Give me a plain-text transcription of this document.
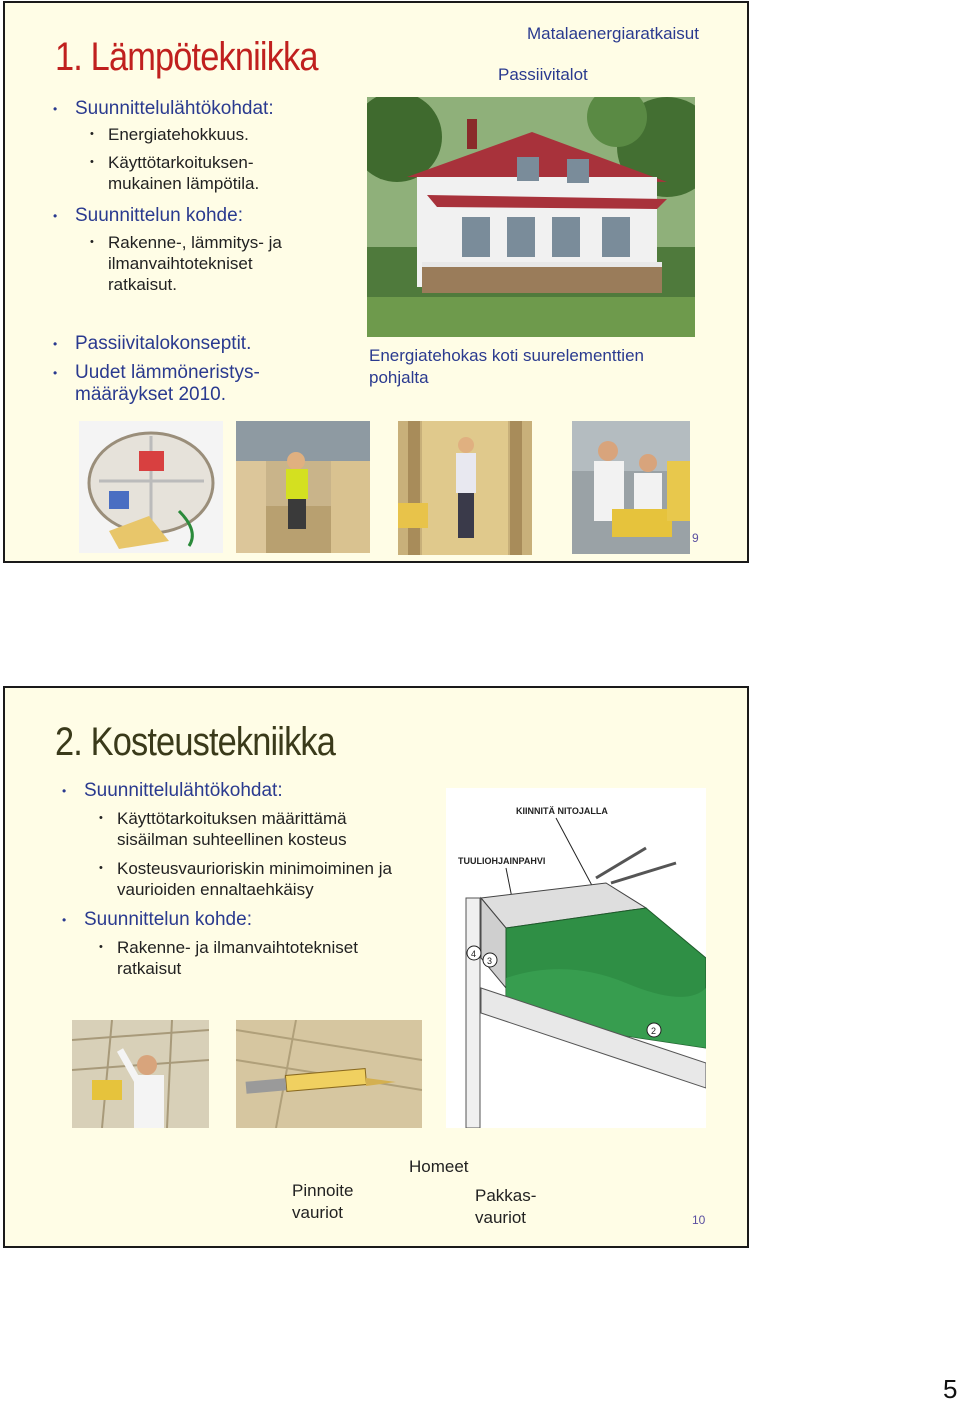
1. Lämpötekniikka
Matalaenergiaratkaisut
Passiivitalot
• Suunnittelulähtökohdat:
• Energiatehokkuus.
• Käyttötarkoituksen-mukainen lämpötila.
• Suunnittelun kohde:
• Rakenne-, lämmitys- ja ilmanvaihtotekniset ratkaisut.
• Passiivitalokonseptit.
• Uudet lämmöneristys-määräykset 2010.
Energiatehokas koti suurelementtien pohjalta
9
2. Kosteustekniikka
• Suunnittelulähtökohdat:
• Käyttötarkoituksen määrittämä sisäilman suhteellinen kosteus
• Kosteusvaurioriskin minimoiminen ja vaurioiden ennaltaehkäisy
• Suunnittelun kohde:
• Rakenne- ja ilmanvaihtotekniset ratkaisut
KIINNITÄ NITOJALLA
TUULIOHJAINPAHVI
4
3
2
Homeet
Pinnoite vauriot
Pakkas-vauriot	10
5
